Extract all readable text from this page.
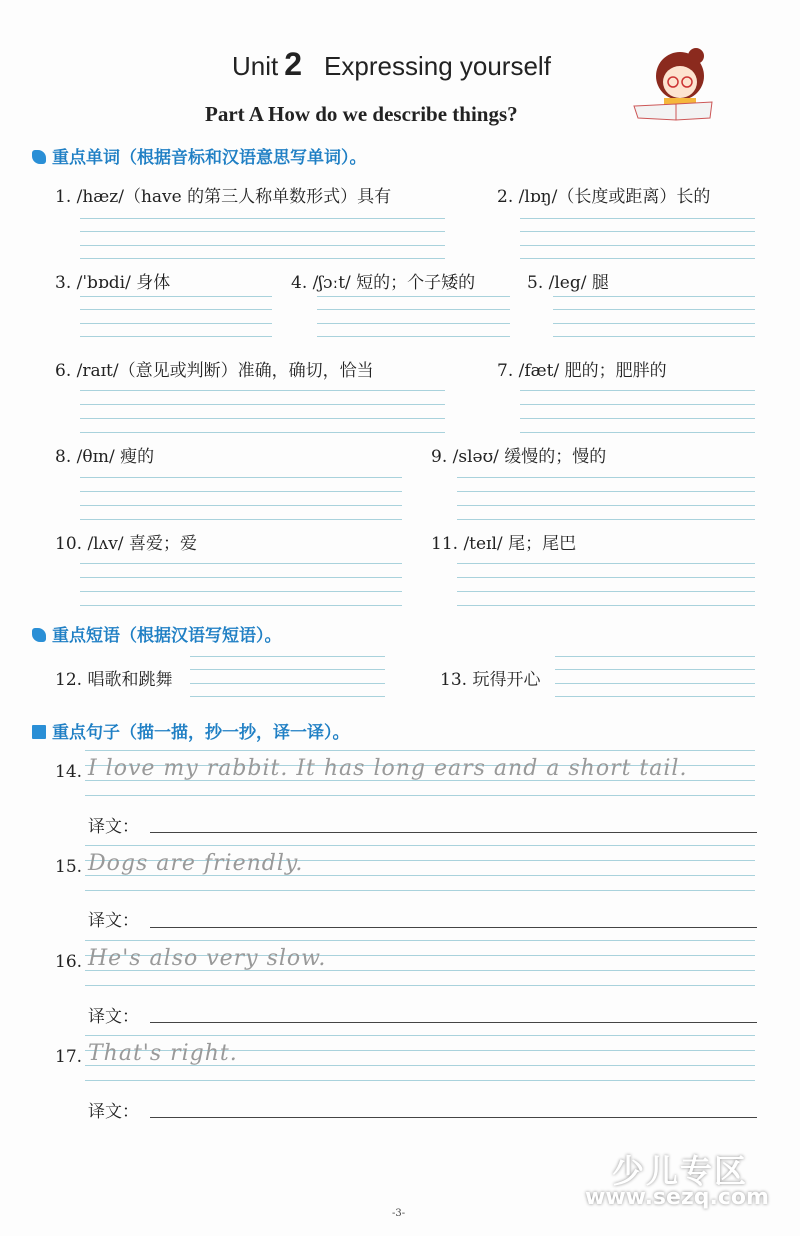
Unit 2 Expressing yourself
Part A How do we describe things?
重点单词（根据音标和汉语意思写单词）。
1. /hæz/（have 的第三人称单数形式）具有	2. /lɒŋ/（长度或距离）长的
3. /ˈbɒdi/ 身体	4. /ʃɔːt/ 短的；个子矮的	5. /leg/ 腿
6. /raɪt/（意见或判断）准确，确切，恰当	7. /fæt/ 肥的；肥胖的
8. /θɪn/ 瘦的	9. /sləʊ/ 缓慢的；慢的
10. /lʌv/ 喜爱；爱	11. /teɪl/ 尾；尾巴
重点短语（根据汉语写短语）。
12. 唱歌和跳舞	13. 玩得开心
重点句子（描一描，抄一抄，译一译）。
14. I love my rabbit. It has long ears and a short tail.
译文：
15. Dogs are friendly.
译文：
16. He's also very slow.
译文：
17. That's right.
译文：
少儿专区
www.sezq.com
-3-
